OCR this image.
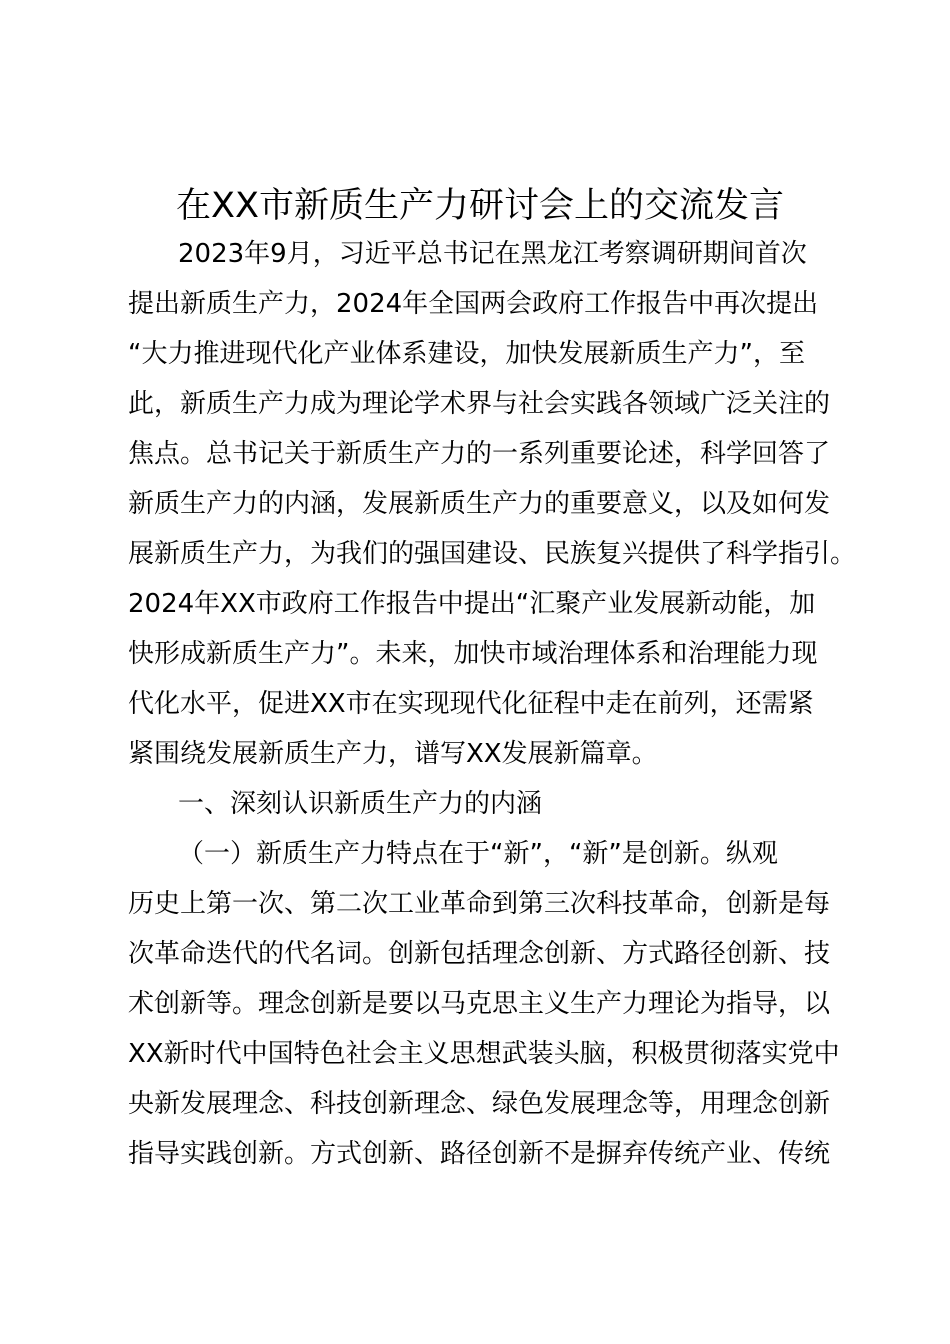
在XX市新质生产力研讨会上的交流发言

2023年9月，习近平总书记在黑龙江考察调研期间首次

提出新质生产力，2024年全国两会政府工作报告中再次提出

“大力推进现代化产业体系建设，加快发展新质生产力”，至

此，新质生产力成为理论学术界与社会实践各领域广泛关注的

焦点。总书记关于新质生产力的一系列重要论述，科学回答了

新质生产力的内涵，发展新质生产力的重要意义，以及如何发

展新质生产力，为我们的强国建设、民族复兴提供了科学指引。

2024年XX市政府工作报告中提出“汇聚产业发展新动能，加

快形成新质生产力”。未来，加快市域治理体系和治理能力现

代化水平，促进XX市在实现现代化征程中走在前列，还需紧

紧围绕发展新质生产力，谱写XX发展新篇章。

一、深刻认识新质生产力的内涵

（一）新质生产力特点在于“新”，“新”是创新。纵观

历史上第一次、第二次工业革命到第三次科技革命，创新是每

次革命迭代的代名词。创新包括理念创新、方式路径创新、技

术创新等。理念创新是要以马克思主义生产力理论为指导，以

XX新时代中国特色社会主义思想武装头脑，积极贯彻落实党中

央新发展理念、科技创新理念、绿色发展理念等，用理念创新

指导实践创新。方式创新、路径创新不是摒弃传统产业、传统
